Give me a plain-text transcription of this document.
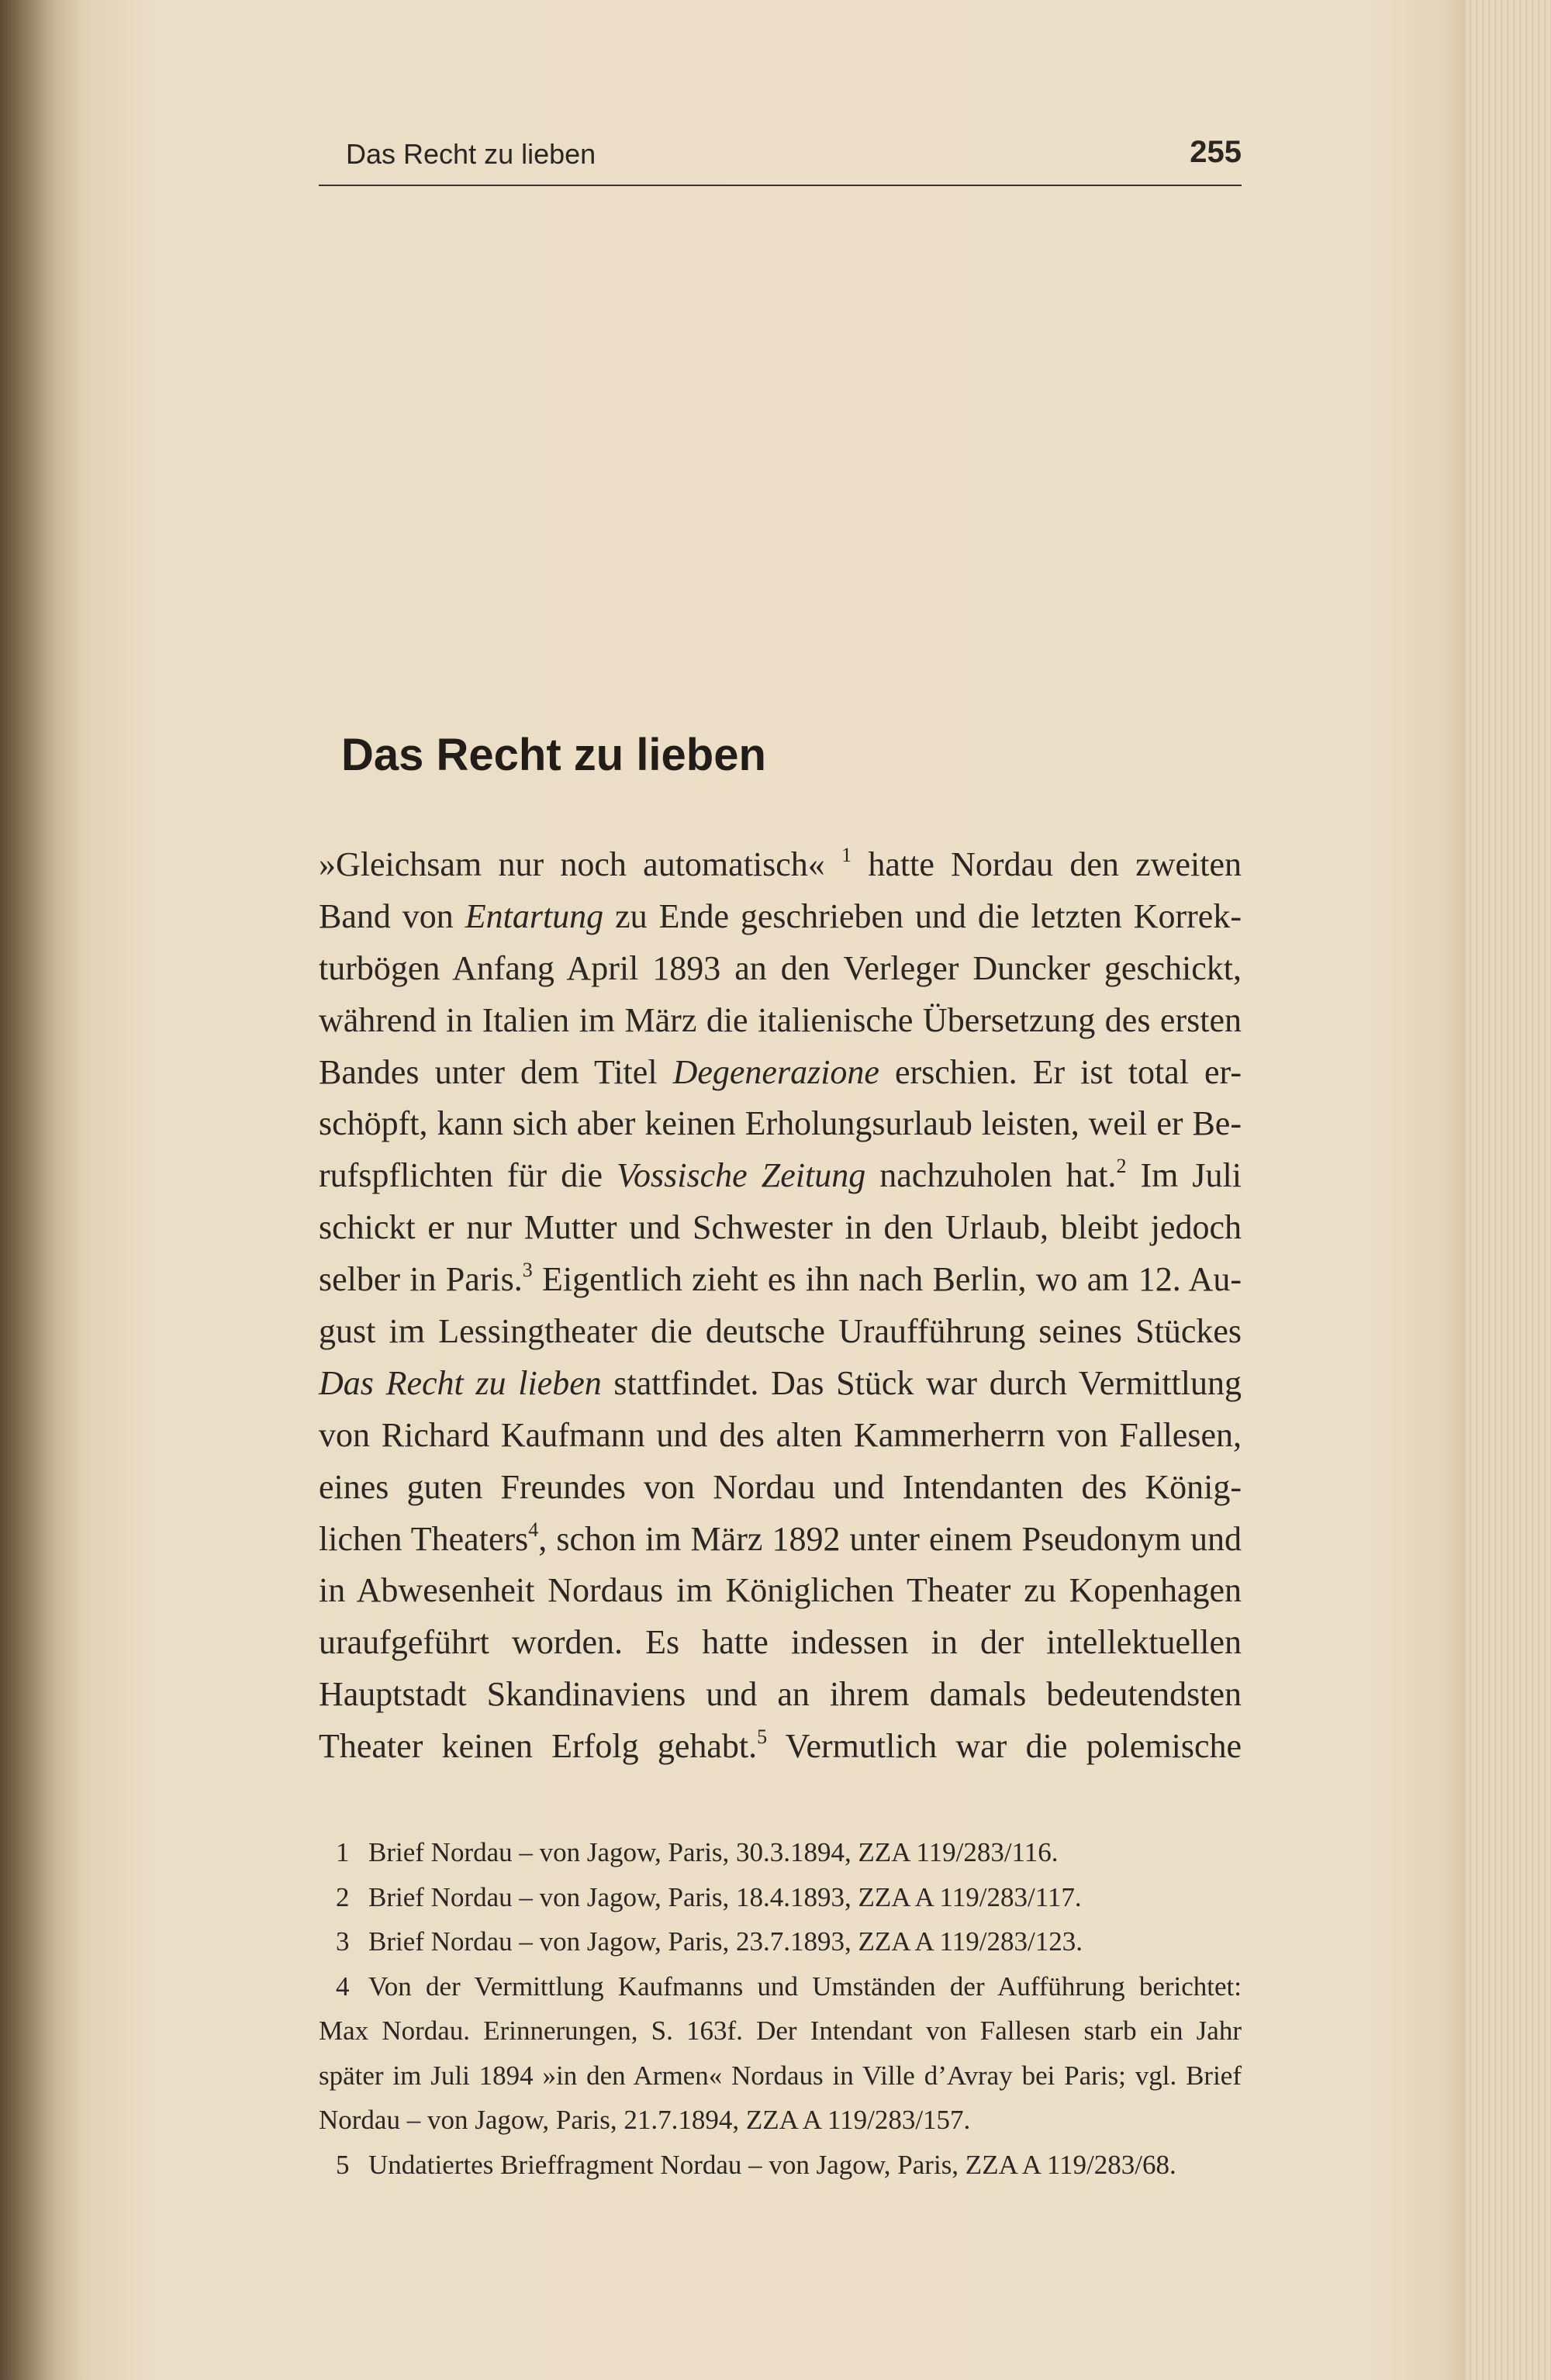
Das Recht zu lieben	255
Das Recht zu lieben
»Gleichsam nur noch automatisch« $^1$ hatte Nordau den zweiten
Band von Entartung zu Ende geschrieben und die letzten Korrek-
turbögen Anfang April 1893 an den Verleger Duncker geschickt,
während in Italien im März die italienische Übersetzung des ersten
Bandes unter dem Titel Degenerazione erschien. Er ist total er-
schöpft, kann sich aber keinen Erholungsurlaub leisten, weil er Be-
rufspflichten für die Vossische Zeitung nachzuholen hat.$^2$ Im Juli
schickt er nur Mutter und Schwester in den Urlaub, bleibt jedoch
selber in Paris.$^3$ Eigentlich zieht es ihn nach Berlin, wo am 12. Au-
gust im Lessingtheater die deutsche Uraufführung seines Stückes
Das Recht zu lieben stattfindet. Das Stück war durch Vermittlung
von Richard Kaufmann und des alten Kammerherrn von Fallesen,
eines guten Freundes von Nordau und Intendanten des König-
lichen Theaters$^4$, schon im März 1892 unter einem Pseudonym und
in Abwesenheit Nordaus im Königlichen Theater zu Kopenhagen
uraufgeführt worden. Es hatte indessen in der intellektuellen
Hauptstadt Skandinaviens und an ihrem damals bedeutendsten
Theater keinen Erfolg gehabt.$^5$ Vermutlich war die polemische
1 Brief Nordau – von Jagow, Paris, 30.3.1894, ZZA 119/283/116.
2 Brief Nordau – von Jagow, Paris, 18.4.1893, ZZA A 119/283/117.
3 Brief Nordau – von Jagow, Paris, 23.7.1893, ZZA A 119/283/123.
4 Von der Vermittlung Kaufmanns und Umständen der Aufführung berichtet:
Max Nordau. Erinnerungen, S. 163f. Der Intendant von Fallesen starb ein Jahr
später im Juli 1894 »in den Armen« Nordaus in Ville d’Avray bei Paris; vgl. Brief
Nordau – von Jagow, Paris, 21.7.1894, ZZA A 119/283/157.
5 Undatiertes Brieffragment Nordau – von Jagow, Paris, ZZA A 119/283/68.
